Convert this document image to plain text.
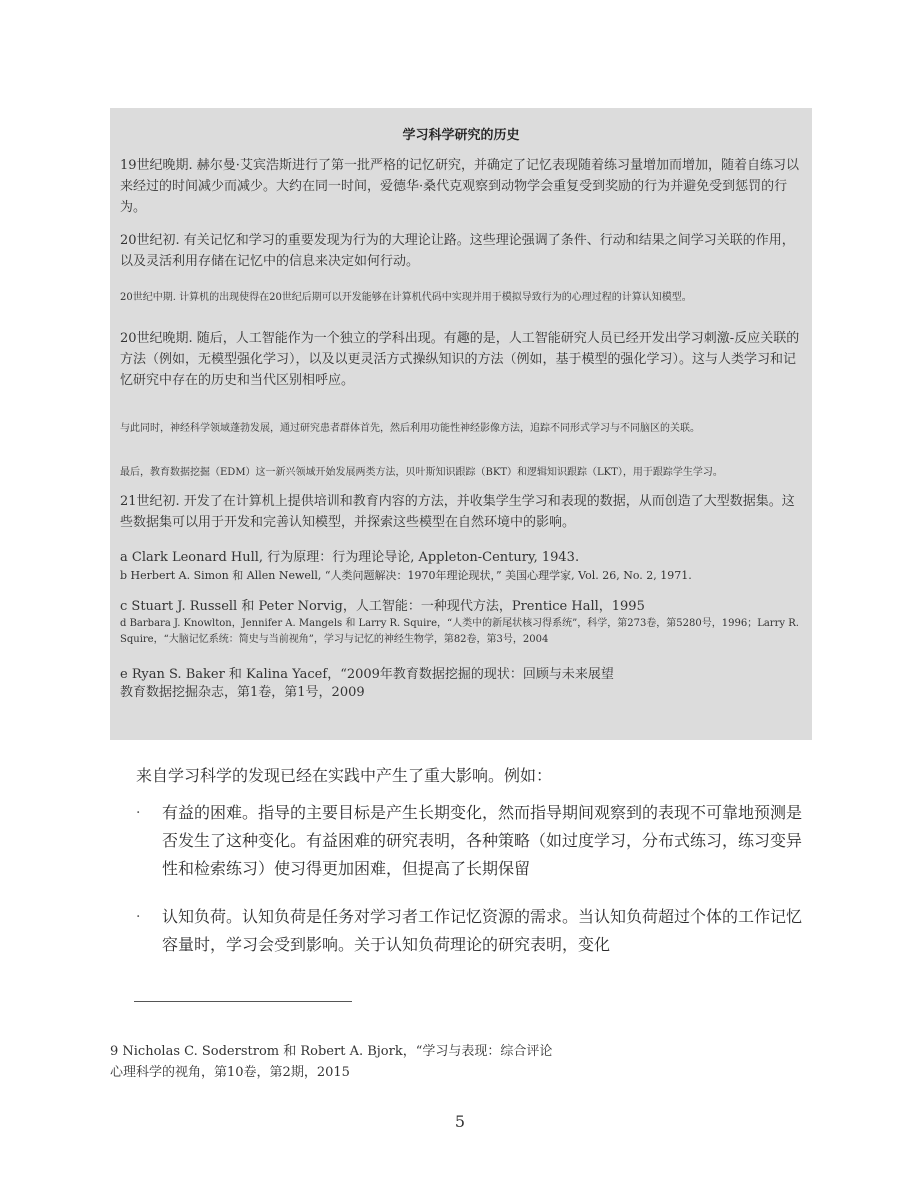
学习科学研究的历史

19世纪晚期. 赫尔曼·艾宾浩斯进行了第一批严格的记忆研究，并确定了记忆表现随着练习量增加而增加，随着自练习以来经过的时间减少而减少。大约在同一时间，爱德华·桑代克观察到动物学会重复受到奖励的行为并避免受到惩罚的行为。

20世纪初. 有关记忆和学习的重要发现为行为的大理论让路。这些理论强调了条件、行动和结果之间学习关联的作用，以及灵活利用存储在记忆中的信息来决定如何行动。

20世纪中期. 计算机的出现使得在20世纪后期可以开发能够在计算机代码中实现并用于模拟导致行为的心理过程的计算认知模型。

20世纪晚期. 随后，人工智能作为一个独立的学科出现。有趣的是，人工智能研究人员已经开发出学习刺激-反应关联的方法（例如，无模型强化学习），以及以更灵活方式操纵知识的方法（例如，基于模型的强化学习）。这与人类学习和记忆研究中存在的历史和当代区别相呼应。

与此同时，神经科学领域蓬勃发展，通过研究患者群体首先，然后利用功能性神经影像方法，追踪不同形式学习与不同脑区的关联。

最后，教育数据挖掘（EDM）这一新兴领域开始发展两类方法，贝叶斯知识跟踪（BKT）和逻辑知识跟踪（LKT），用于跟踪学生学习。

21世纪初. 开发了在计算机上提供培训和教育内容的方法，并收集学生学习和表现的数据，从而创造了大型数据集。这些数据集可以用于开发和完善认知模型，并探索这些模型在自然环境中的影响。

a Clark Leonard Hull, 行为原理：行为理论导论, Appleton-Century, 1943.

b Herbert A. Simon 和 Allen Newell, “人类问题解决：1970年理论现状，” 美国心理学家, Vol. 26, No. 2, 1971.

c Stuart J. Russell 和 Peter Norvig，人工智能：一种现代方法，Prentice Hall，1995

d Barbara J. Knowlton，Jennifer A. Mangels 和 Larry R. Squire，“人类中的新尾状核习得系统”，科学，第273卷，第5280号，1996；Larry R. Squire，“大脑记忆系统：简史与当前视角”，学习与记忆的神经生物学，第82卷，第3号，2004

e Ryan S. Baker 和 Kalina Yacef，“2009年教育数据挖掘的现状：回顾与未来展望

教育数据挖掘杂志，第1卷，第1号，2009

来自学习科学的发现已经在实践中产生了重大影响。例如：

·	有益的困难。指导的主要目标是产生长期变化，然而指导期间观察到的表现不可靠地预测是否发生了这种变化。有益困难的研究表明，各种策略（如过度学习，分布式练习，练习变异性和检索练习）使习得更加困难，但提高了长期保留
·	认知负荷。认知负荷是任务对学习者工作记忆资源的需求。当认知负荷超过个体的工作记忆容量时，学习会受到影响。关于认知负荷理论的研究表明，变化
9 Nicholas C. Soderstrom 和 Robert A. Bjork，“学习与表现：综合评论
心理科学的视角，第10卷，第2期，2015
5
